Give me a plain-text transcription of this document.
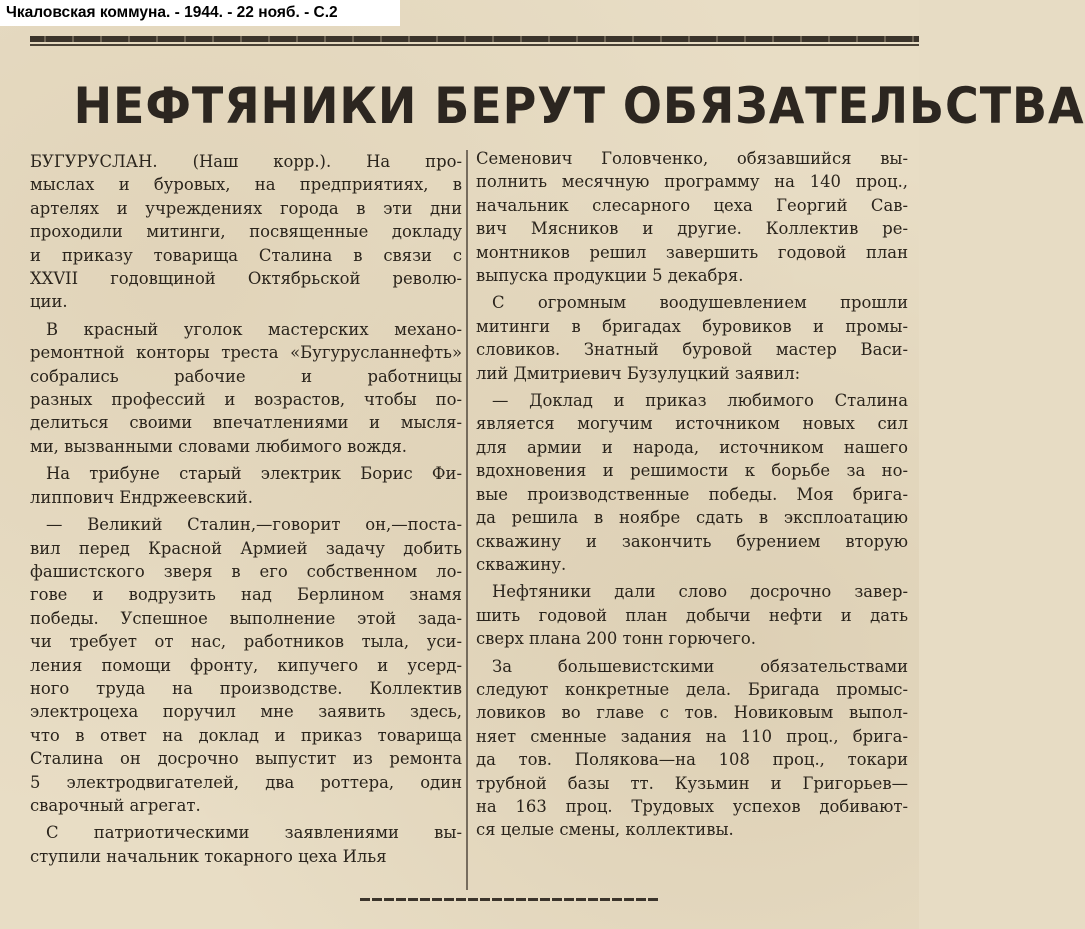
Чкаловская коммуна. - 1944. - 22 нояб. - С.2
НЕФТЯНИКИ БЕРУТ ОБЯЗАТЕЛЬСТВА
БУГУРУСЛАН. (Наш корр.). На про-
мыслах и буровых, на предприятиях, в
артелях и учреждениях города в эти дни
проходили митинги, посвященные докладу
и приказу товарища Сталина в связи с
XXVII годовщиной Октябрьской револю-
ции.
В красный уголок мастерских механо-
ремонтной конторы треста «Бугурусланнефть»
собрались рабочие и работницы
разных профессий и возрастов, чтобы по-
делиться своими впечатлениями и мысля-
ми, вызванными словами любимого вождя.
На трибуне старый электрик Борис Фи-
липпович Ендржеевский.
— Великий Сталин,—говорит он,—поста-
вил перед Красной Армией задачу добить
фашистского зверя в его собственном ло-
гове и водрузить над Берлином знамя
победы. Успешное выполнение этой зада-
чи требует от нас, работников тыла, уси-
ления помощи фронту, кипучего и усерд-
ного труда на производстве. Коллектив
электроцеха поручил мне заявить здесь,
что в ответ на доклад и приказ товарища
Сталина он досрочно выпустит из ремонта
5 электродвигателей, два роттера, один
сварочный агрегат.
С патриотическими заявлениями вы-
ступили начальник токарного цеха Илья
Семенович Головченко, обязавшийся вы-
полнить месячную программу на 140 проц.,
начальник слесарного цеха Георгий Сав-
вич Мясников и другие. Коллектив ре-
монтников решил завершить годовой план
выпуска продукции 5 декабря.
С огромным воодушевлением прошли
митинги в бригадах буровиков и промы-
словиков. Знатный буровой мастер Васи-
лий Дмитриевич Бузулуцкий заявил:
— Доклад и приказ любимого Сталина
является могучим источником новых сил
для армии и народа, источником нашего
вдохновения и решимости к борьбе за но-
вые производственные победы. Моя брига-
да решила в ноябре сдать в эксплоатацию
скважину и закончить бурением вторую
скважину.
Нефтяники дали слово досрочно завер-
шить годовой план добычи нефти и дать
сверх плана 200 тонн горючего.
За большевистскими обязательствами
следуют конкретные дела. Бригада промыс-
ловиков во главе с тов. Новиковым выпол-
няет сменные задания на 110 проц., брига-
да тов. Полякова—на 108 проц., токари
трубной базы тт. Кузьмин и Григорьев—
на 163 проц. Трудовых успехов добивают-
ся целые смены, коллективы.
